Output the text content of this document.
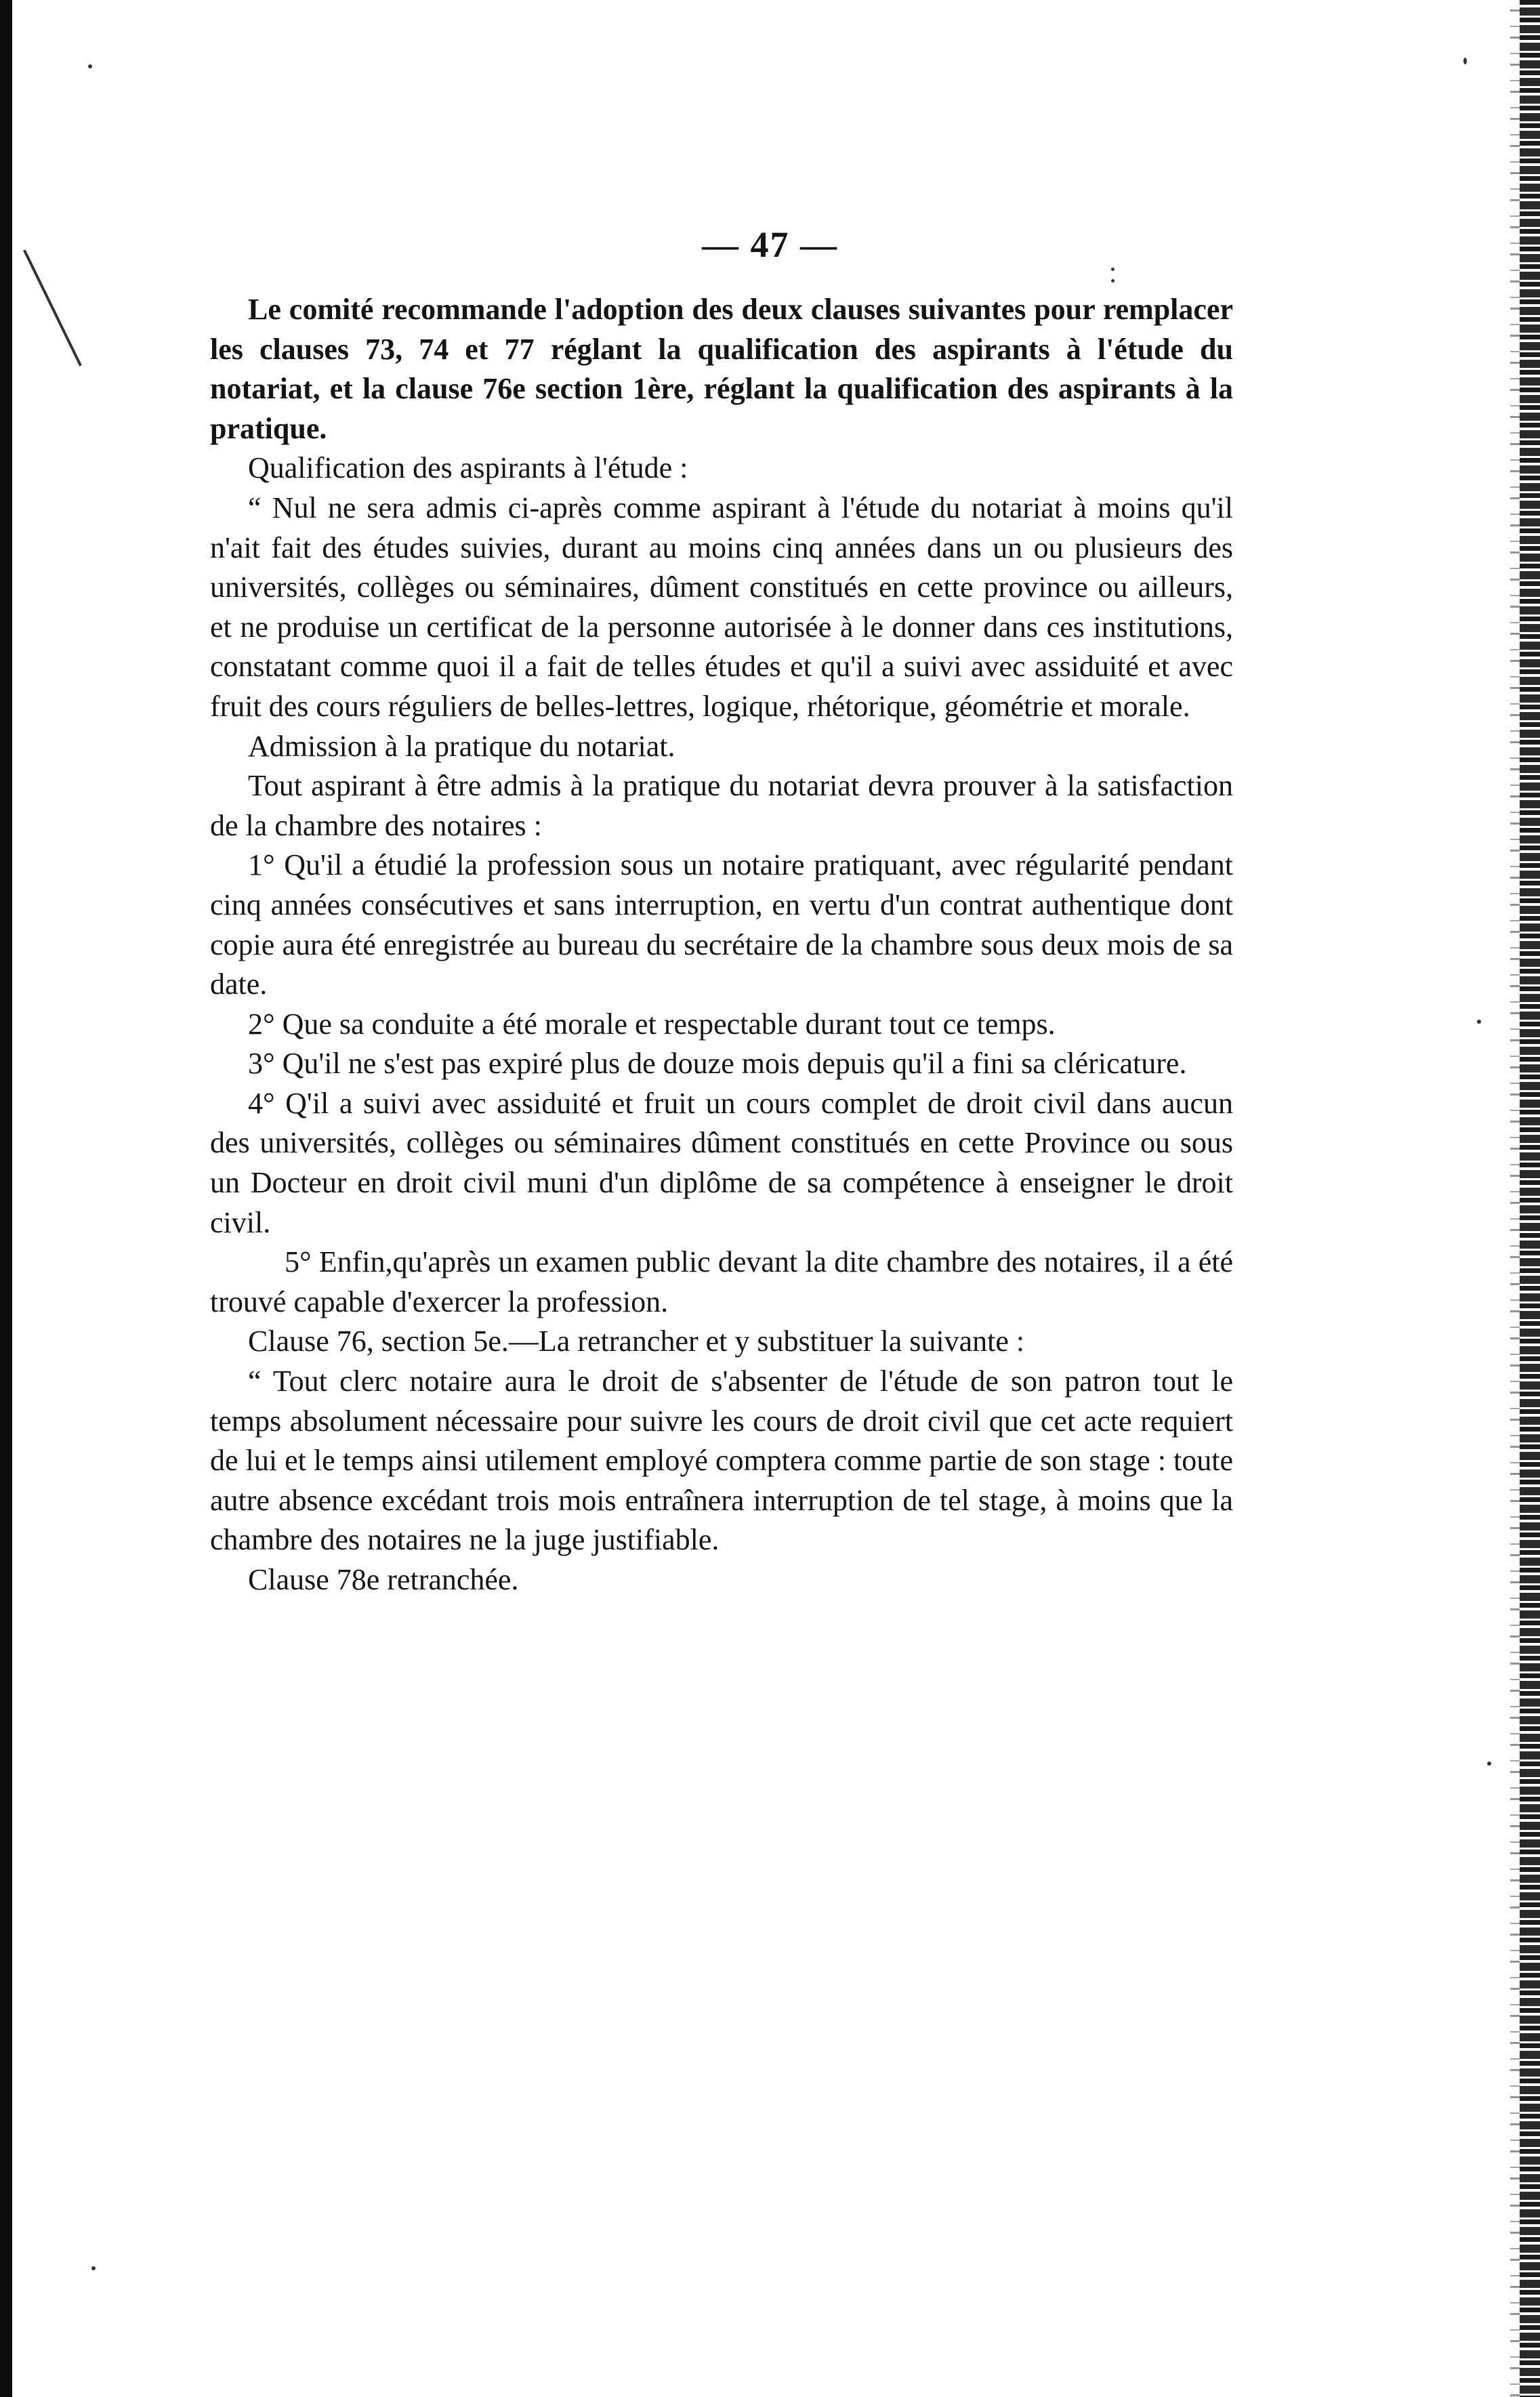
— 47 —

Le comité recommande l'adoption des deux clauses suivantes pour remplacer les clauses 73, 74 et 77 réglant la qualification des aspirants à l'étude du notariat, et la clause 76e section 1ère, réglant la qualification des aspirants à la pratique.

Qualification des aspirants à l'étude :

“ Nul ne sera admis ci-après comme aspirant à l'étude du notariat à moins qu'il n'ait fait des études suivies, durant au moins cinq années dans un ou plusieurs des universités, collèges ou séminaires, dûment constitués en cette province ou ailleurs, et ne produise un certificat de la personne autorisée à le donner dans ces institutions, constatant comme quoi il a fait de telles études et qu'il a suivi avec assiduité et avec fruit des cours réguliers de belles-lettres, logique, rhétorique, géométrie et morale.

Admission à la pratique du notariat.

Tout aspirant à être admis à la pratique du notariat devra prouver à la satisfaction de la chambre des notaires :

1° Qu'il a étudié la profession sous un notaire pratiquant, avec régularité pendant cinq années consécutives et sans interruption, en vertu d'un contrat authentique dont copie aura été enregistrée au bureau du secrétaire de la chambre sous deux mois de sa date.

2° Que sa conduite a été morale et respectable durant tout ce temps.

3° Qu'il ne s'est pas expiré plus de douze mois depuis qu'il a fini sa cléricature.

4° Q'il a suivi avec assiduité et fruit un cours complet de droit civil dans aucun des universités, collèges ou séminaires dûment constitués en cette Province ou sous un Docteur en droit civil muni d'un diplôme de sa compétence à enseigner le droit civil.

5° Enfin,qu'après un examen public devant la dite chambre des notaires, il a été trouvé capable d'exercer la profession.

Clause 76, section 5e.—La retrancher et y substituer la suivante :

“ Tout clerc notaire aura le droit de s'absenter de l'étude de son patron tout le temps absolument nécessaire pour suivre les cours de droit civil que cet acte requiert de lui et le temps ainsi utilement employé comptera comme partie de son stage : toute autre absence excédant trois mois entraînera interruption de tel stage, à moins que la chambre des notaires ne la juge justifiable.

Clause 78e retranchée.
